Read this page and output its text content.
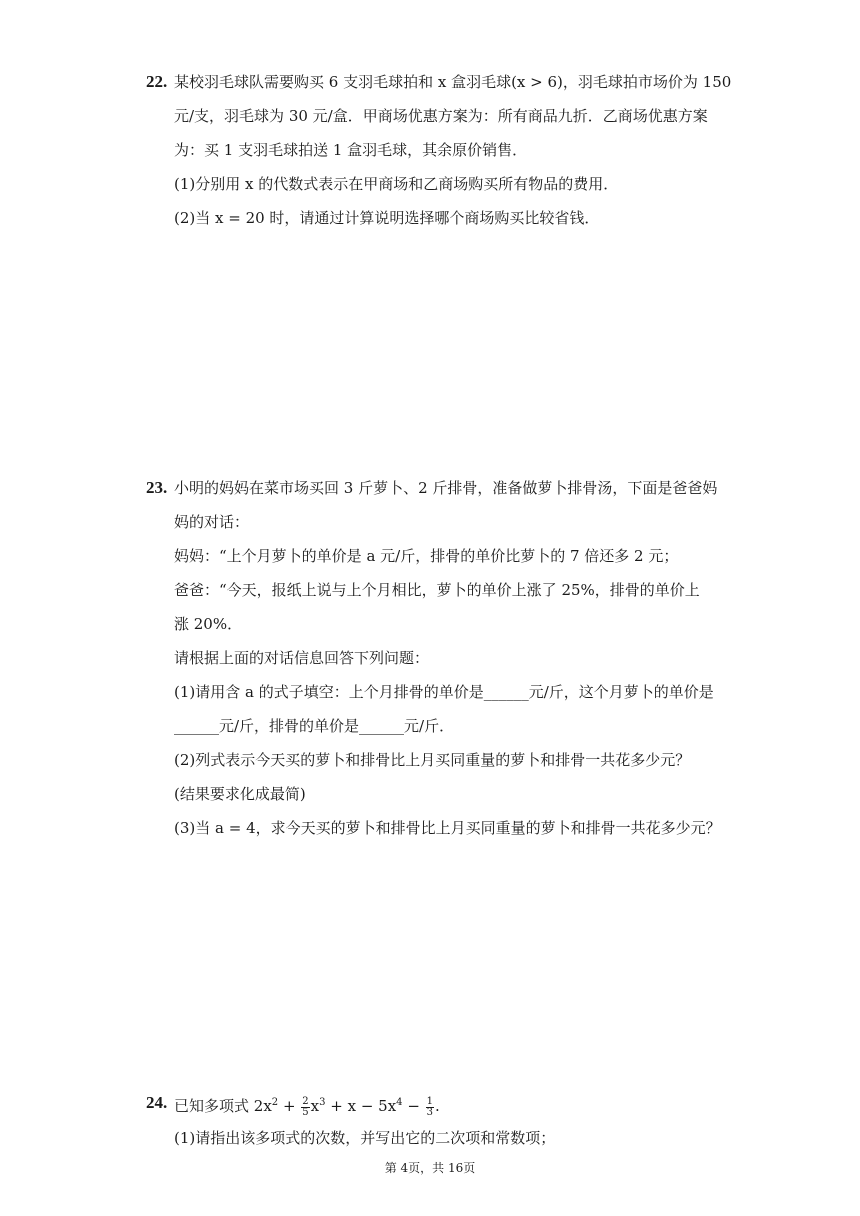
22. 某校羽毛球队需要购买 6 支羽毛球拍和 x 盒羽毛球(x > 6)，羽毛球拍市场价为 150
元/支，羽毛球为 30 元/盒．甲商场优惠方案为：所有商品九折．乙商场优惠方案
为：买 1 支羽毛球拍送 1 盒羽毛球，其余原价销售．
(1)分别用 x 的代数式表示在甲商场和乙商场购买所有物品的费用．
(2)当 x = 20 时，请通过计算说明选择哪个商场购买比较省钱．
23. 小明的妈妈在菜市场买回 3 斤萝卜、2 斤排骨，准备做萝卜排骨汤，下面是爸爸妈
妈的对话：
妈妈：“上个月萝卜的单价是 a 元/斤，排骨的单价比萝卜的 7 倍还多 2 元；
爸爸：“今天，报纸上说与上个月相比，萝卜的单价上涨了 25%，排骨的单价上
涨 20%．
请根据上面的对话信息回答下列问题：
(1)请用含 a 的式子填空：上个月排骨的单价是______元/斤，这个月萝卜的单价是
______元/斤，排骨的单价是______元/斤．
(2)列式表示今天买的萝卜和排骨比上月买同重量的萝卜和排骨一共花多少元？
(结果要求化成最简)
(3)当 a = 4，求今天买的萝卜和排骨比上月买同重量的萝卜和排骨一共花多少元？
24. 已知多项式 $2x^2 + \frac{2}{5} x^3 + x - 5x^4 - \frac{1}{3}$ .
(1)请指出该多项式的次数，并写出它的二次项和常数项；
第 4页，共 16页
